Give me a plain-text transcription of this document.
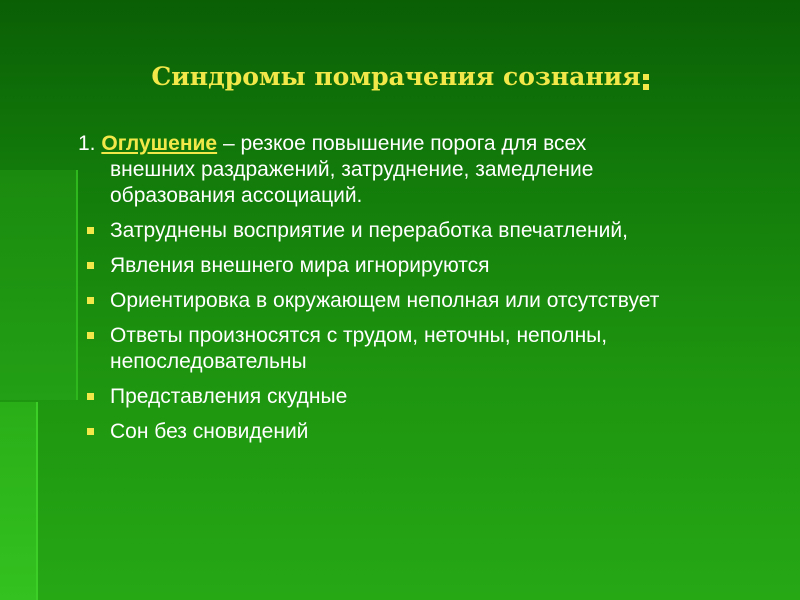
Синдромы помрачения сознания

1. Оглушение – резкое повышение порога для всех
внешних раздражений, затруднение, замедление
образования ассоциаций.

Затруднены восприятие и переработка впечатлений,
Явления внешнего мира игнорируются
Ориентировка в окружающем неполная или отсутствует
Ответы произносятся с трудом, неточны, неполны, непоследовательны
Представления скудные
Сон без сновидений
